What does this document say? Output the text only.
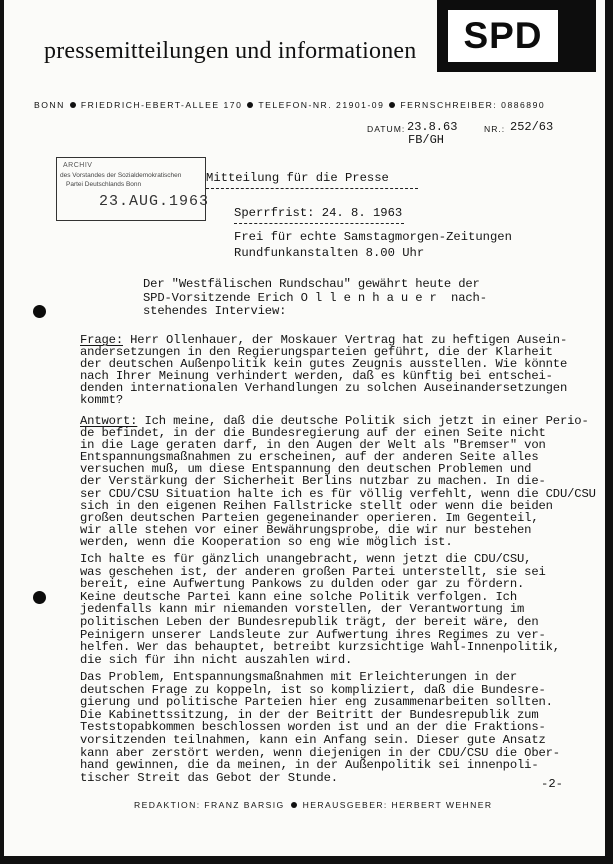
pressemitteilungen und informationen SPD
BONN FRIEDRICH-EBERT-ALLEE 170 TELEFON-NR. 21901-09 FERNSCHREIBER: 0886890
DATUM: 23.8.63	NR.: 252/63
FB/GH
ARCHIV
des Vorstandes der Sozialdemokratischen
Partei Deutschlands Bonn
23.AUG.1963
Mitteilung für die Presse
Sperrfrist: 24. 8. 1963
Frei für echte Samstagmorgen-Zeitungen
Rundfunkanstalten 8.00 Uhr
Der "Westfälischen Rundschau" gewährt heute der
SPD-Vorsitzende Erich O l l e n h a u e r  nach-
stehendes Interview:
Frage: Herr Ollenhauer, der Moskauer Vertrag hat zu heftigen Ausein-
andersetzungen in den Regierungsparteien geführt, die der Klarheit
der deutschen Außenpolitik kein gutes Zeugnis ausstellen. Wie könnte
nach Ihrer Meinung verhindert werden, daß es künftig bei entschei-
denden internationalen Verhandlungen zu solchen Auseinandersetzungen
kommt?
Antwort: Ich meine, daß die deutsche Politik sich jetzt in einer Perio-
de befindet, in der die Bundesregierung auf der einen Seite nicht
in die Lage geraten darf, in den Augen der Welt als "Bremser" von
Entspannungsmaßnahmen zu erscheinen, auf der anderen Seite alles
versuchen muß, um diese Entspannung den deutschen Problemen und
der Verstärkung der Sicherheit Berlins nutzbar zu machen. In die-
ser CDU/CSU Situation halte ich es für völlig verfehlt, wenn die CDU/CSU
sich in den eigenen Reihen Fallstricke stellt oder wenn die beiden
großen deutschen Parteien gegeneinander operieren. Im Gegenteil,
wir alle stehen vor einer Bewährungsprobe, die wir nur bestehen
werden, wenn die Kooperation so eng wie möglich ist.
Ich halte es für gänzlich unangebracht, wenn jetzt die CDU/CSU,
was geschehen ist, der anderen großen Partei unterstellt, sie sei
bereit, eine Aufwertung Pankows zu dulden oder gar zu fördern.
Keine deutsche Partei kann eine solche Politik verfolgen. Ich
jedenfalls kann mir niemanden vorstellen, der Verantwortung im
politischen Leben der Bundesrepublik trägt, der bereit wäre, den
Peinigern unserer Landsleute zur Aufwertung ihres Regimes zu ver-
helfen. Wer das behauptet, betreibt kurzsichtige Wahl-Innenpolitik,
die sich für ihn nicht auszahlen wird.
Das Problem, Entspannungsmaßnahmen mit Erleichterungen in der
deutschen Frage zu koppeln, ist so kompliziert, daß die Bundesre-
gierung und politische Parteien hier eng zusammenarbeiten sollten.
Die Kabinettssitzung, in der der Beitritt der Bundesrepublik zum
Teststopabkommen beschlossen worden ist und an der die Fraktions-
vorsitzenden teilnahmen, kann ein Anfang sein. Dieser gute Ansatz
kann aber zerstört werden, wenn diejenigen in der CDU/CSU die Ober-
hand gewinnen, die da meinen, in der Außenpolitik sei innenpoli-
tischer Streit das Gebot der Stunde.	-2-
REDAKTION: FRANZ BARSIG HERAUSGEBER: HERBERT WEHNER
